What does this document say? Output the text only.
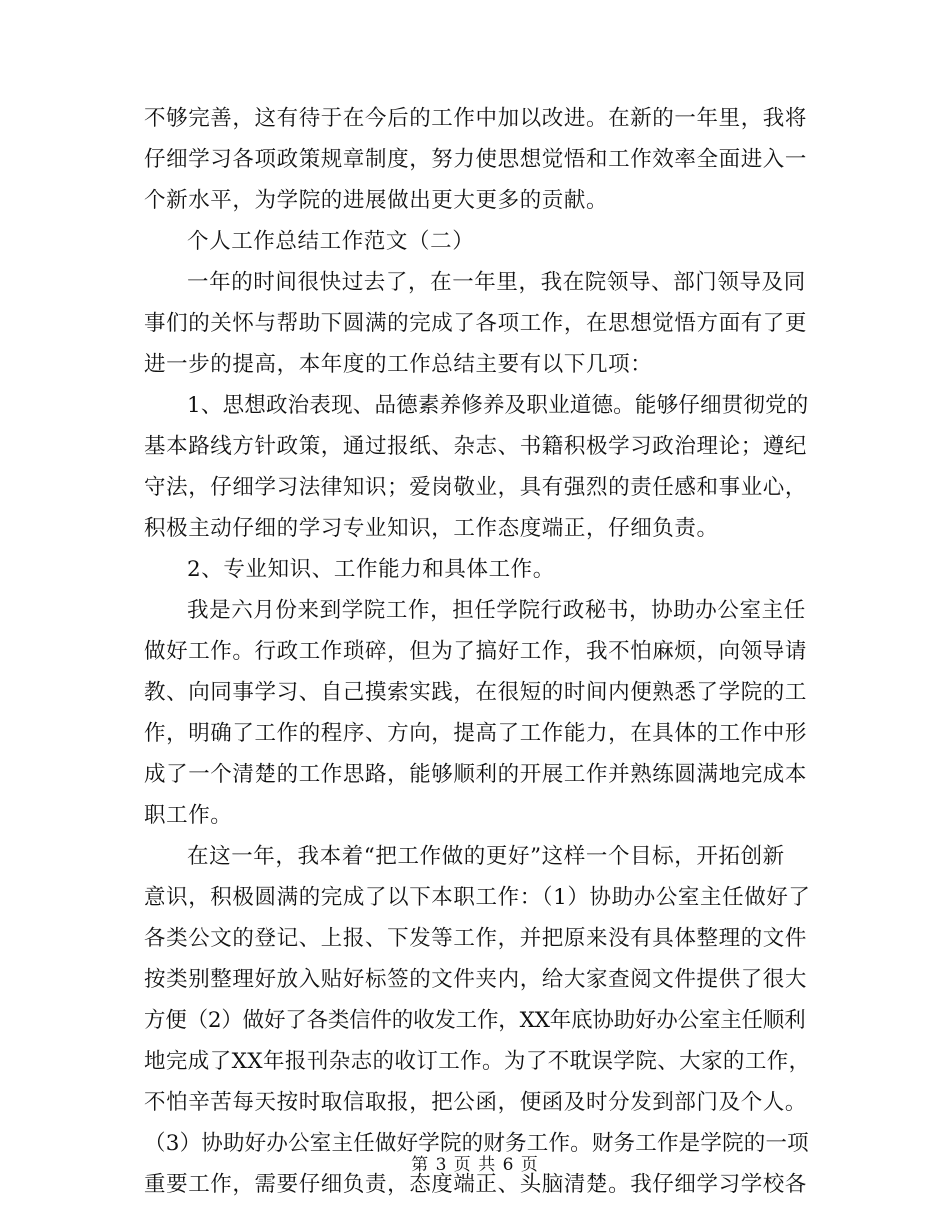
不够完善，这有待于在今后的工作中加以改进。在新的一年里，我将
仔细学习各项政策规章制度，努力使思想觉悟和工作效率全面进入一
个新水平，为学院的进展做出更大更多的贡献。
个人工作总结工作范文（二）
一年的时间很快过去了，在一年里，我在院领导、部门领导及同
事们的关怀与帮助下圆满的完成了各项工作，在思想觉悟方面有了更
进一步的提高，本年度的工作总结主要有以下几项：
1、思想政治表现、品德素养修养及职业道德。能够仔细贯彻党的
基本路线方针政策，通过报纸、杂志、书籍积极学习政治理论；遵纪
守法，仔细学习法律知识；爱岗敬业，具有强烈的责任感和事业心，
积极主动仔细的学习专业知识，工作态度端正，仔细负责。
2、专业知识、工作能力和具体工作。
我是六月份来到学院工作，担任学院行政秘书，协助办公室主任
做好工作。行政工作琐碎，但为了搞好工作，我不怕麻烦，向领导请
教、向同事学习、自己摸索实践，在很短的时间内便熟悉了学院的工
作，明确了工作的程序、方向，提高了工作能力，在具体的工作中形
成了一个清楚的工作思路，能够顺利的开展工作并熟练圆满地完成本
职工作。
在这一年，我本着“把工作做的更好”这样一个目标，开拓创新
意识，积极圆满的完成了以下本职工作：（1）协助办公室主任做好了
各类公文的登记、上报、下发等工作，并把原来没有具体整理的文件
按类别整理好放入贴好标签的文件夹内，给大家查阅文件提供了很大
方便（2）做好了各类信件的收发工作，XX年底协助好办公室主任顺利
地完成了XX年报刊杂志的收订工作。为了不耽误学院、大家的工作，
不怕辛苦每天按时取信取报，把公函，便函及时分发到部门及个人。
（3）协助好办公室主任做好学院的财务工作。财务工作是学院的一项
重要工作，需要仔细负责，态度端正、头脑清楚。我仔细学习学校各
第 3 页 共 6 页
